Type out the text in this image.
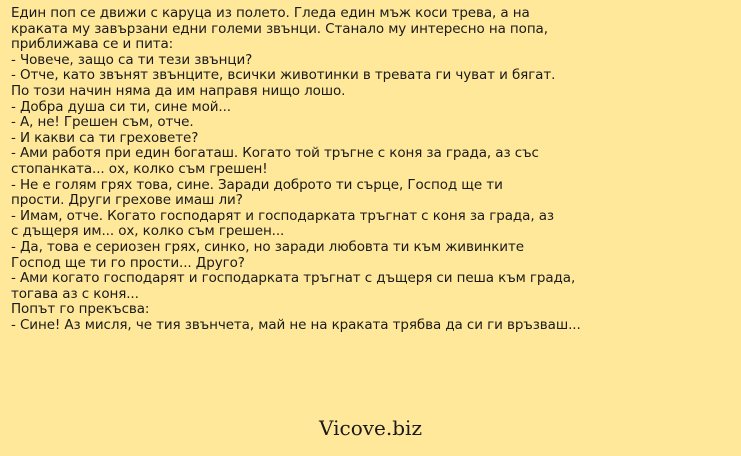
Един поп се движи с каруца из полето. Гледа един мъж коси трева, а на
краката му завързани едни големи звънци. Станало му интересно на попа,
приближава се и пита:
- Човече, защо са ти тези звънци?
- Отче, като звънят звънците, всички животинки в тревата ги чуват и бягат.
По този начин няма да им направя нищо лошо.
- Добра душа си ти, сине мой...
- А, не! Грешен съм, отче.
- И какви са ти греховете?
- Ами работя при един богаташ. Когато той тръгне с коня за града, аз със
стопанката... ох, колко съм грешен!
- Не е голям грях това, сине. Заради доброто ти сърце, Господ ще ти
прости. Други грехове имаш ли?
- Имам, отче. Когато господарят и господарката тръгнат с коня за града, аз
с дъщеря им... ох, колко съм грешен...
- Да, това е сериозен грях, синко, но заради любовта ти към живинките
Господ ще ти го прости... Друго?
- Ами когато господарят и господарката тръгнат с дъщеря си пеша към града,
тогава аз с коня...
Попът го прекъсва:
- Сине! Аз мисля, че тия звънчета, май не на краката трябва да си ги връзваш...
Vicove.biz
